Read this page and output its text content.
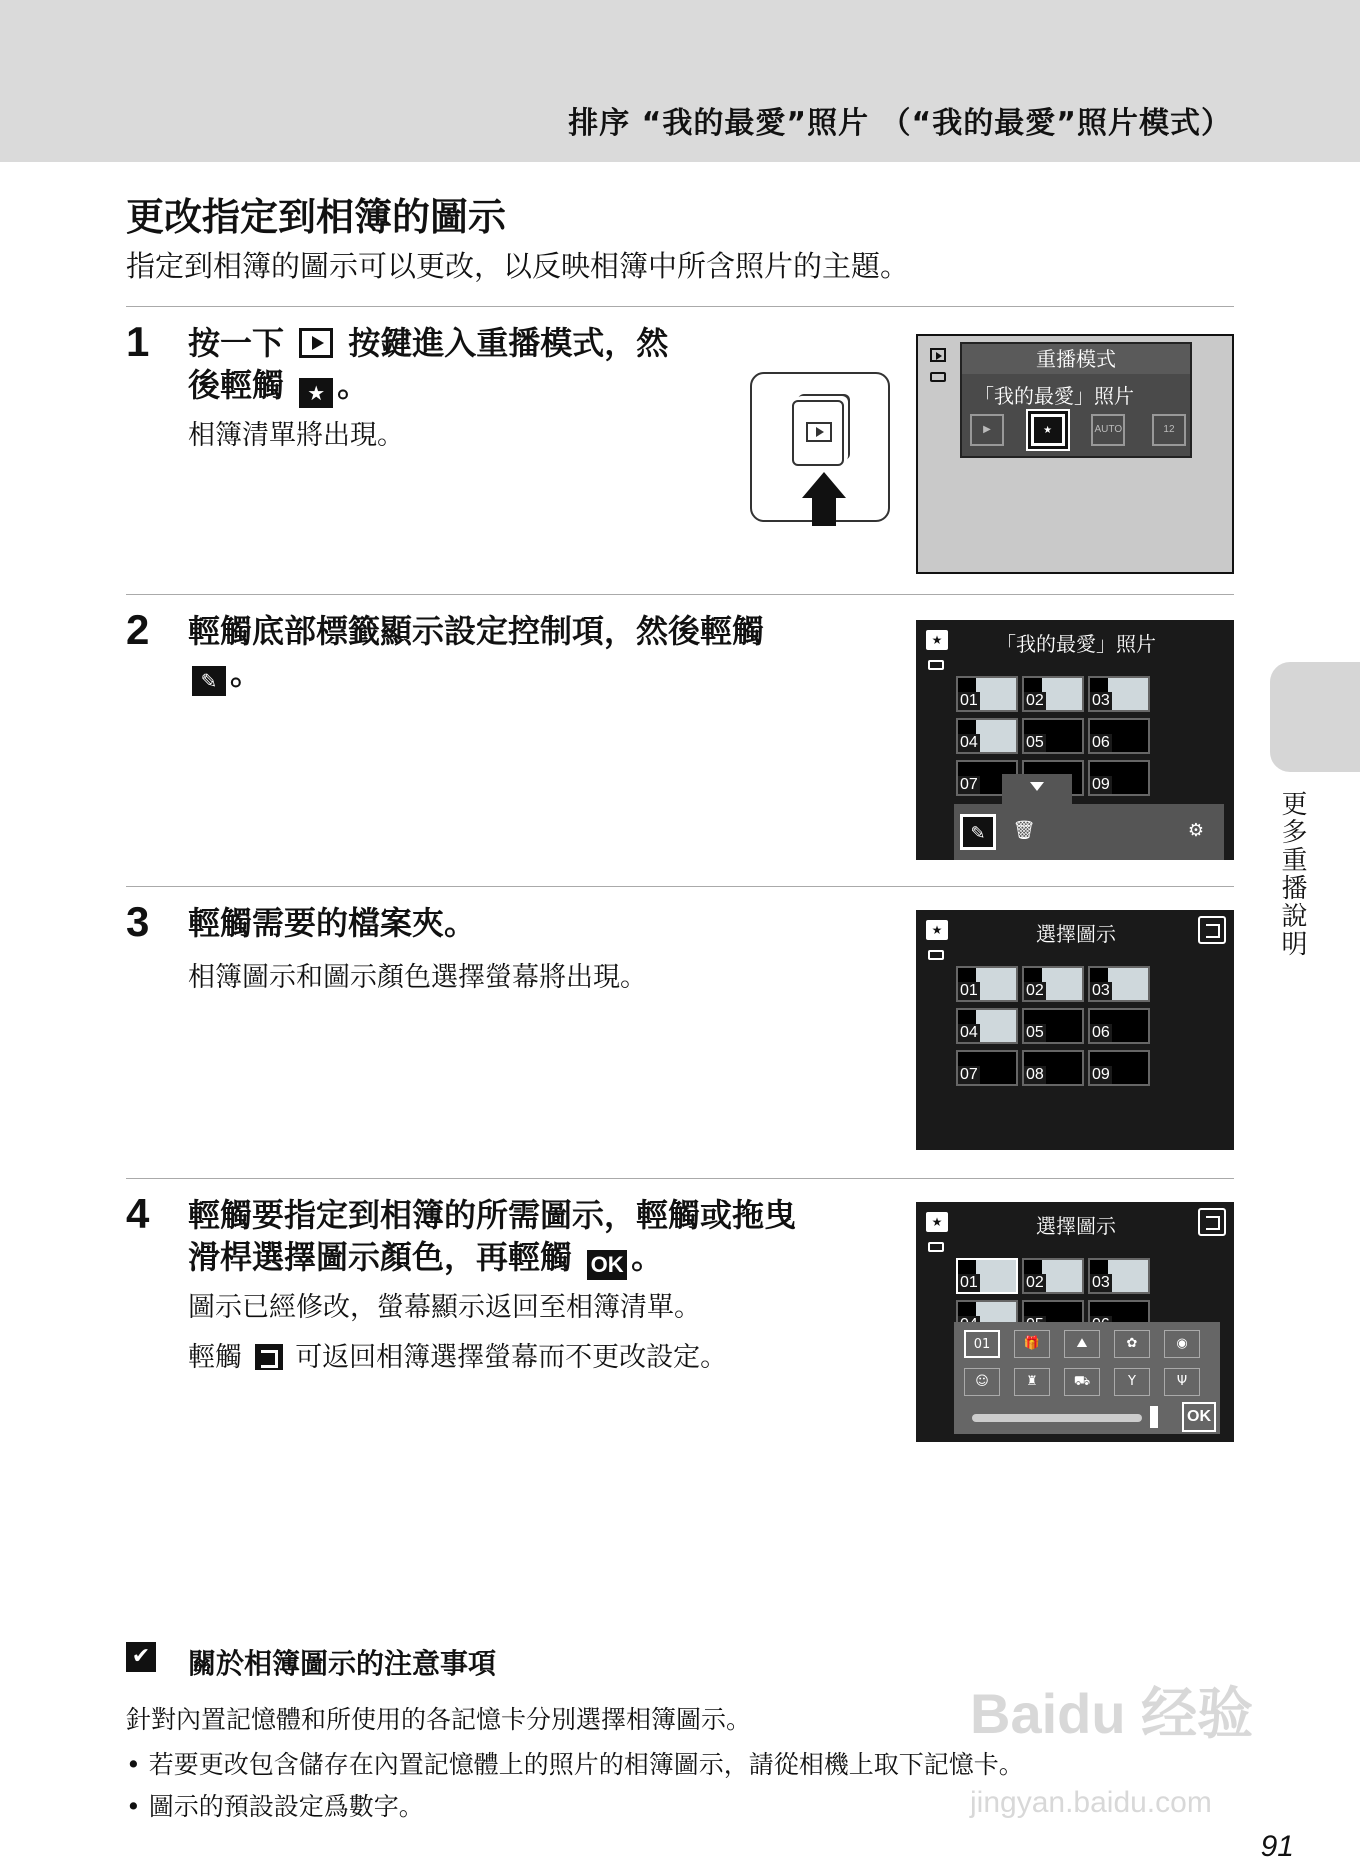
排序 “我的最愛”照片 （“我的最愛”照片模式）
更改指定到相簿的圖示
指定到相簿的圖示可以更改，以反映相簿中所含照片的主題。
1 按一下 按鍵進入重播模式，然
後輕觸 ★ 。
相簿清單將出現。
重播模式
「我的最愛」照片
▶	★	AUTO	12
2 輕觸底部標籤顯示設定控制項，然後輕觸
✎ 。
★	「我的最愛」照片
01	02	03
04	05	06
07	09
✎	🗑	⚙
3 輕觸需要的檔案夾。
相簿圖示和圖示顏色選擇螢幕將出現。
★	選擇圖示
01	02	03
04	05	06
07	08	09
4 輕觸要指定到相簿的所需圖示，輕觸或拖曳
滑桿選擇圖示顏色，再輕觸 OK 。
圖示已經修改，螢幕顯示返回至相簿清單。
輕觸 可返回相簿選擇螢幕而不更改設定。
★	選擇圖示
01	02	03
01	🎁	⛰	✿	◉
☺	♜	⛟	Y	Ψ
OK
更多重播說明
✔ 關於相簿圖示的注意事項
針對內置記憶體和所使用的各記憶卡分別選擇相簿圖示。
• 若要更改包含儲存在內置記憶體上的照片的相簿圖示，請從相機上取下記憶卡。
• 圖示的預設設定爲數字。
Baidu 经验
jingyan.baidu.com
91
